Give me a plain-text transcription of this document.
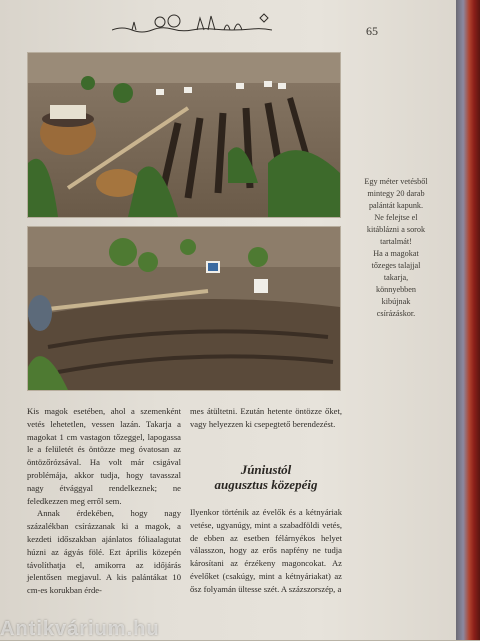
65
Egy méter vetésből
mintegy 20 darab
palántát kapunk.
Ne felejtse el
kitáblázni a sorok
tartalmát!
Ha a magokat
tőzeges talajjal
takarja,
könnyebben
kibújnak
csírázáskor.

Kis magok esetében, ahol a szemenként vetés lehetetlen, vessen lazán. Takarja a magokat 1 cm vastagon tőzeggel, lapogassa le a felületét és öntözze meg óvatosan az öntözőrózsával. Ha volt már csigával problémája, akkor tudja, hogy tavasszal nagy étvággyal rendelkeznek; ne feledkezzen meg erről sem.

Annak érdekében, hogy nagy százalékban csírázzanak ki a magok, a kezdeti időszakban ajánlatos fóliaalagutat húzni az ágyás fölé. Ezt április közepén távolíthatja el, amikorra az időjárás jelentősen megjavul. A kis palántákat 10 cm-es korukban érde-

mes átültetni. Ezután hetente öntözze őket, vagy helyezzen ki csepegtető berendezést.

Júniustól
augusztus közepéig

Ilyenkor történik az évelők és a kétnyáriak vetése, ugyanúgy, mint a szabadföldi vetés, de ebben az esetben félárnyékos helyet válasszon, hogy az erős napfény ne tudja károsítani az érzékeny magoncokat. Az évelőket (csakúgy, mint a kétnyáriakat) az ősz folyamán ültesse szét. A százszorszép, a

Antikvárium.hu
